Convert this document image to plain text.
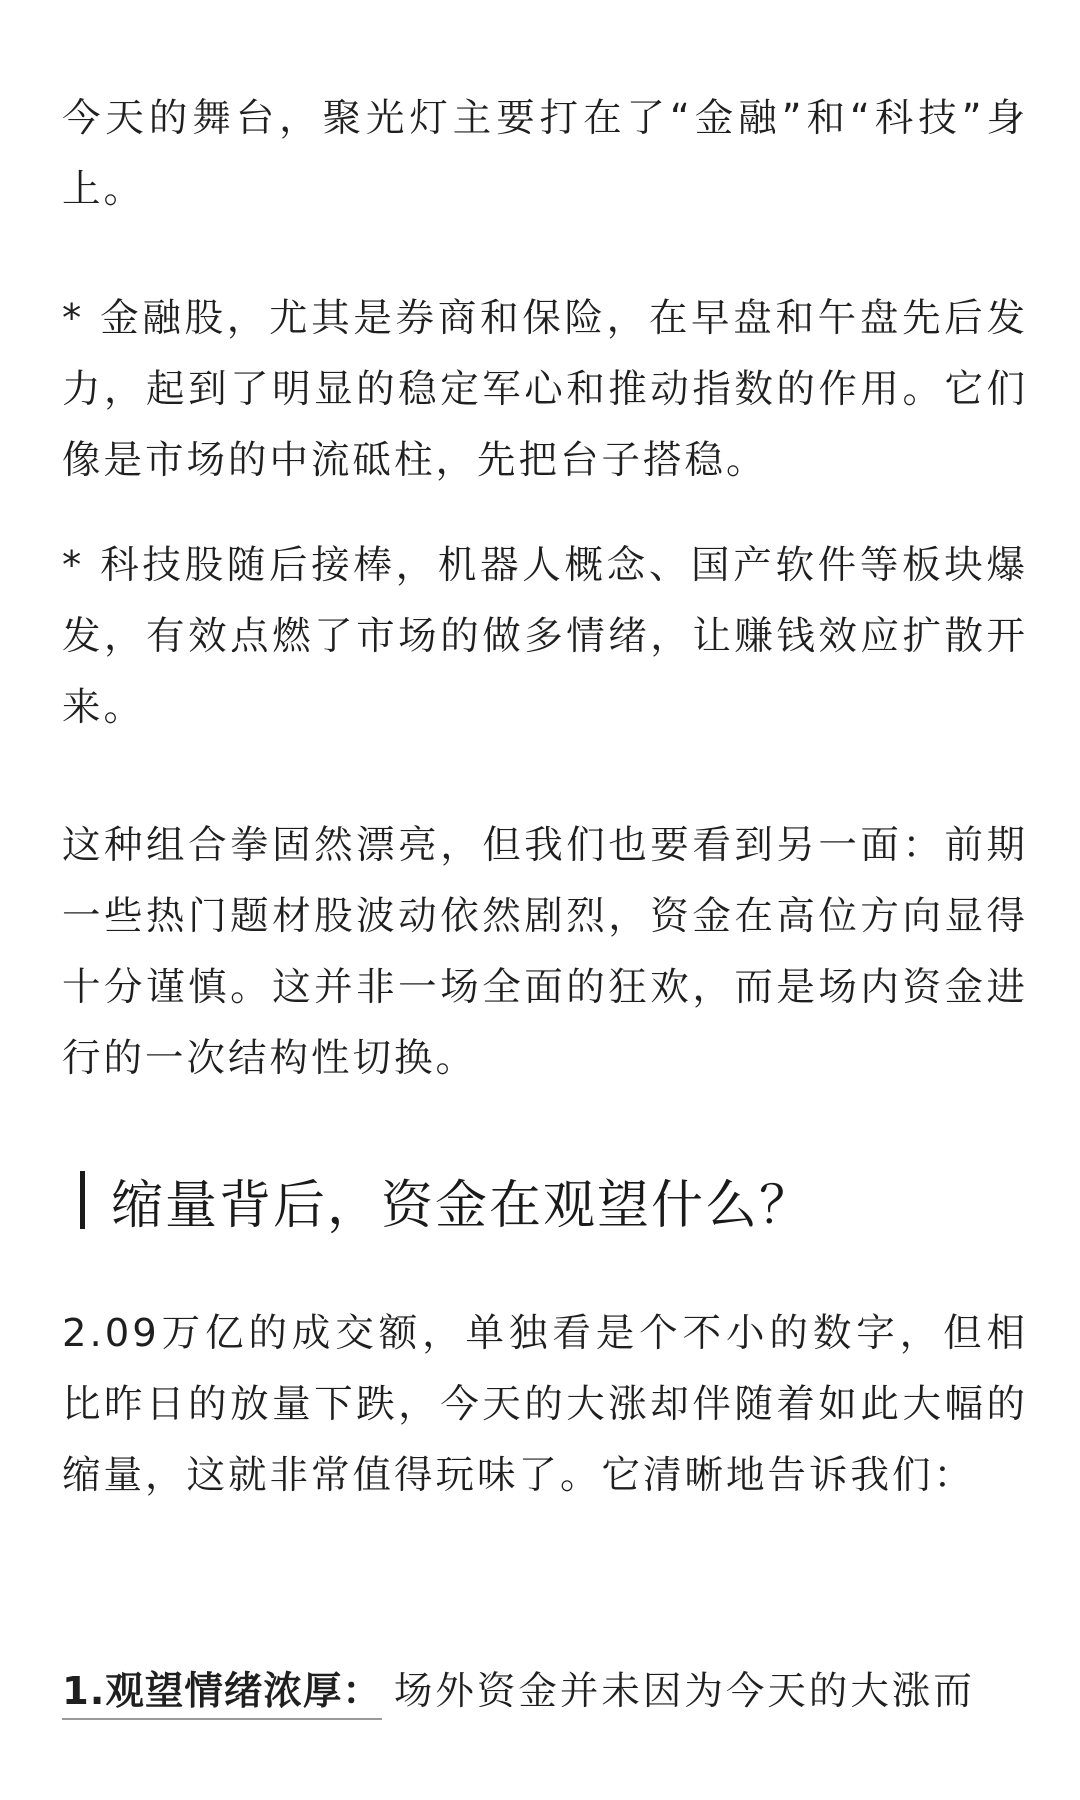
今天的舞台，聚光灯主要打在了“金融”和“科技”身上。

* 金融股，尤其是券商和保险，在早盘和午盘先后发力，起到了明显的稳定军心和推动指数的作用。它们像是市场的中流砥柱，先把台子搭稳。

* 科技股随后接棒，机器人概念、国产软件等板块爆发，有效点燃了市场的做多情绪，让赚钱效应扩散开来。

这种组合拳固然漂亮，但我们也要看到另一面：前期一些热门题材股波动依然剧烈，资金在高位方向显得十分谨慎。这并非一场全面的狂欢，而是场内资金进行的一次结构性切换。

缩量背后，资金在观望什么？

2.09万亿的成交额，单独看是个不小的数字，但相比昨日的放量下跌，今天的大涨却伴随着如此大幅的缩量，这就非常值得玩味了。它清晰地告诉我们：

1.观望情绪浓厚： 场外资金并未因为今天的大涨而
